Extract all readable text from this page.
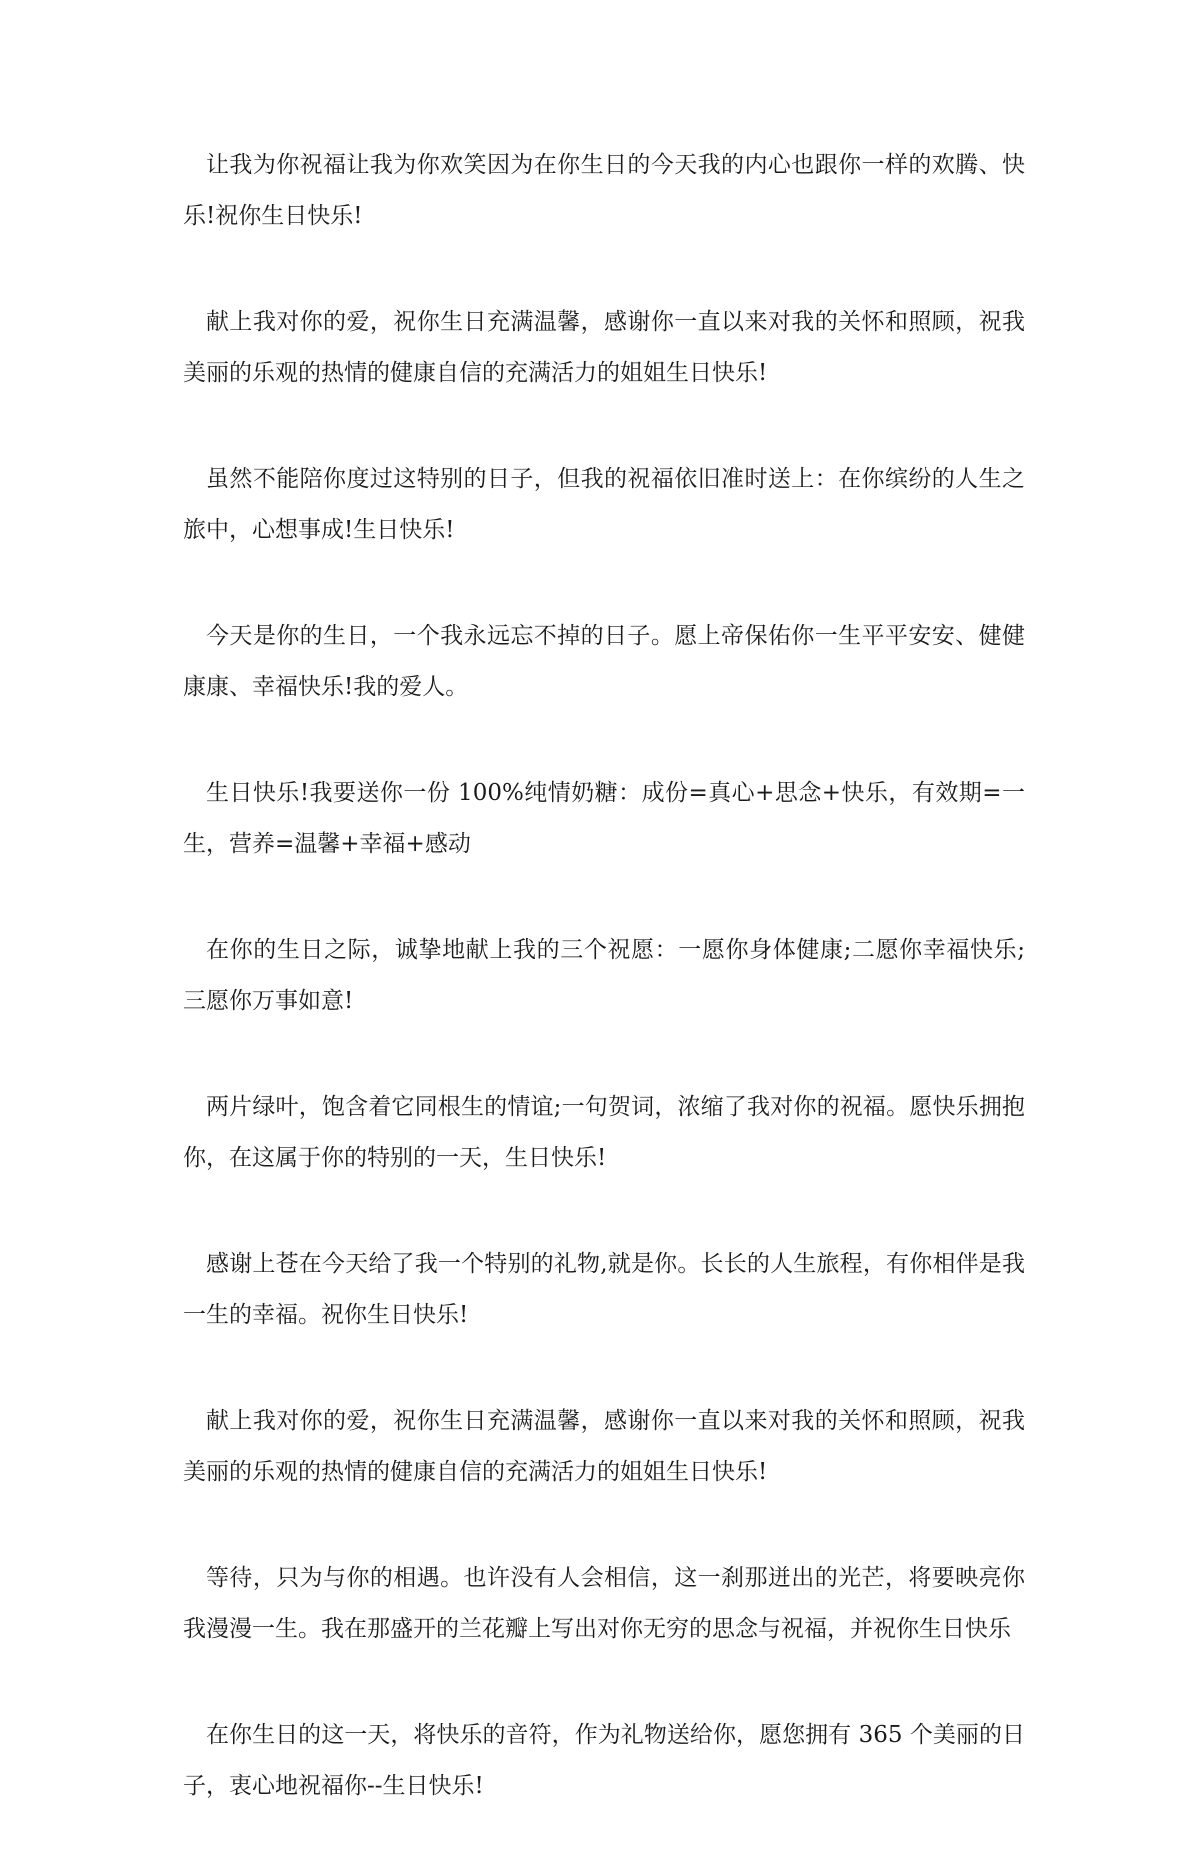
让我为你祝福让我为你欢笑因为在你生日的今天我的内心也跟你一样的欢腾、快乐!祝你生日快乐!

献上我对你的爱，祝你生日充满温馨，感谢你一直以来对我的关怀和照顾，祝我美丽的乐观的热情的健康自信的充满活力的姐姐生日快乐!

虽然不能陪你度过这特别的日子，但我的祝福依旧准时送上：在你缤纷的人生之旅中，心想事成!生日快乐!

今天是你的生日，一个我永远忘不掉的日子。愿上帝保佑你一生平平安安、健健康康、幸福快乐!我的爱人。

生日快乐!我要送你一份 100%纯情奶糖：成份=真心+思念+快乐，有效期=一生，营养=温馨+幸福+感动

在你的生日之际，诚挚地献上我的三个祝愿：一愿你身体健康;二愿你幸福快乐;三愿你万事如意!

两片绿叶，饱含着它同根生的情谊;一句贺词，浓缩了我对你的祝福。愿快乐拥抱你，在这属于你的特别的一天，生日快乐!

感谢上苍在今天给了我一个特别的礼物,就是你。长长的人生旅程，有你相伴是我一生的幸福。祝你生日快乐!

献上我对你的爱，祝你生日充满温馨，感谢你一直以来对我的关怀和照顾，祝我美丽的乐观的热情的健康自信的充满活力的姐姐生日快乐!

等待，只为与你的相遇。也许没有人会相信，这一刹那迸出的光芒，将要映亮你我漫漫一生。我在那盛开的兰花瓣上写出对你无穷的思念与祝福，并祝你生日快乐

在你生日的这一天，将快乐的音符，作为礼物送给你，愿您拥有 365 个美丽的日子，衷心地祝福你--生日快乐!
